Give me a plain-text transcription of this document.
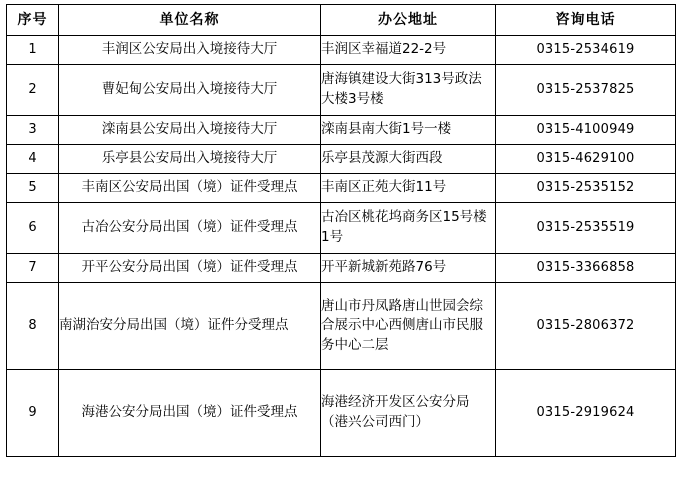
序号	单位名称	办公地址	咨询电话
1	丰润区公安局出入境接待大厅	丰润区幸福道22-2号	0315-2534619
2	曹妃甸公安局出入境接待大厅	唐海镇建设大街313号政法大楼3号楼	0315-2537825
3	滦南县公安局出入境接待大厅	滦南县南大街1号一楼	0315-4100949
4	乐亭县公安局出入境接待大厅	乐亭县茂源大街西段	0315-4629100
5	丰南区公安局出国（境）证件受理点	丰南区正苑大街11号	0315-2535152
6	古冶公安分局出国（境）证件受理点	古冶区桃花坞商务区15号楼1号	0315-2535519
7	开平公安分局出国（境）证件受理点	开平新城新苑路76号	0315-3366858
8	南湖治安分局出国（境）证件分受理点	唐山市丹凤路唐山世园会综合展示中心西侧唐山市民服务中心二层	0315-2806372
9	海港公安分局出国（境）证件受理点	海港经济开发区公安分局（港兴公司西门）	0315-2919624
